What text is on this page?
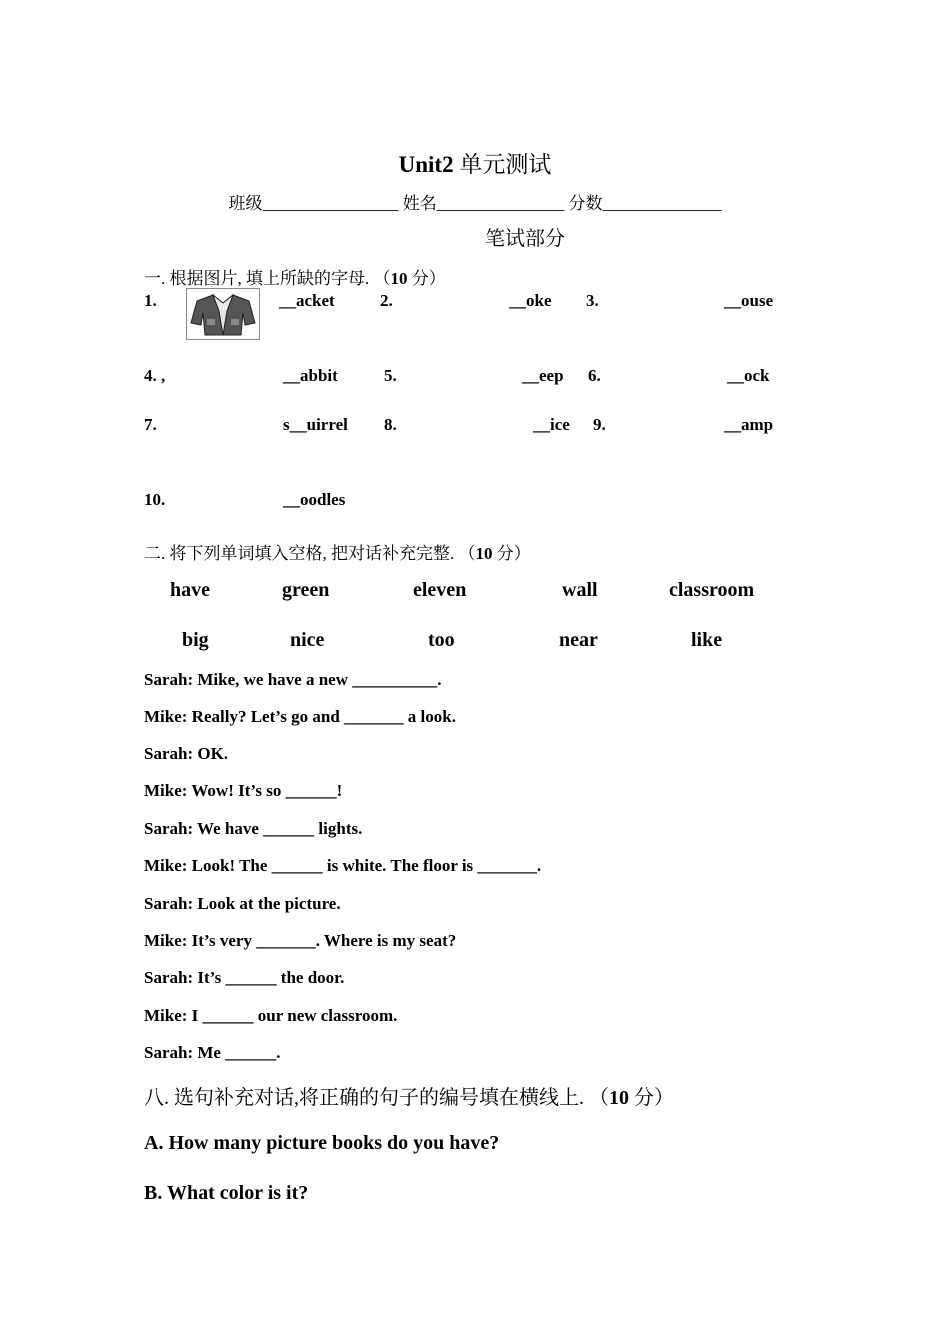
Unit2 单元测试
班级________________ 姓名_______________ 分数______________
笔试部分
一. 根据图片, 填上所缺的字母. （10 分）
1.	__acket	2.	__oke 3.	__ouse
4. ,	__abbit	5.	__eep 6.	__ock
7.	s__uirrel 8.	__ice 9.	__amp
10.	__oodles
二. 将下列单词填入空格, 把对话补充完整. （10 分）
have	green	eleven	wall	classroom
big	nice	too	near	like
Sarah: Mike, we have a new __________.
Mike: Really? Let’s go and _______ a look.
Sarah: OK.
Mike: Wow! It’s so ______!
Sarah: We have ______ lights.
Mike: Look! The ______ is white. The floor is _______.
Sarah: Look at the picture.
Mike: It’s very _______. Where is my seat?
Sarah: It’s ______ the door.
Mike: I ______ our new classroom.
Sarah: Me ______.
八. 选句补充对话,将正确的句子的编号填在横线上. （10 分）
A. How many picture books do you have?
B. What color is it?
